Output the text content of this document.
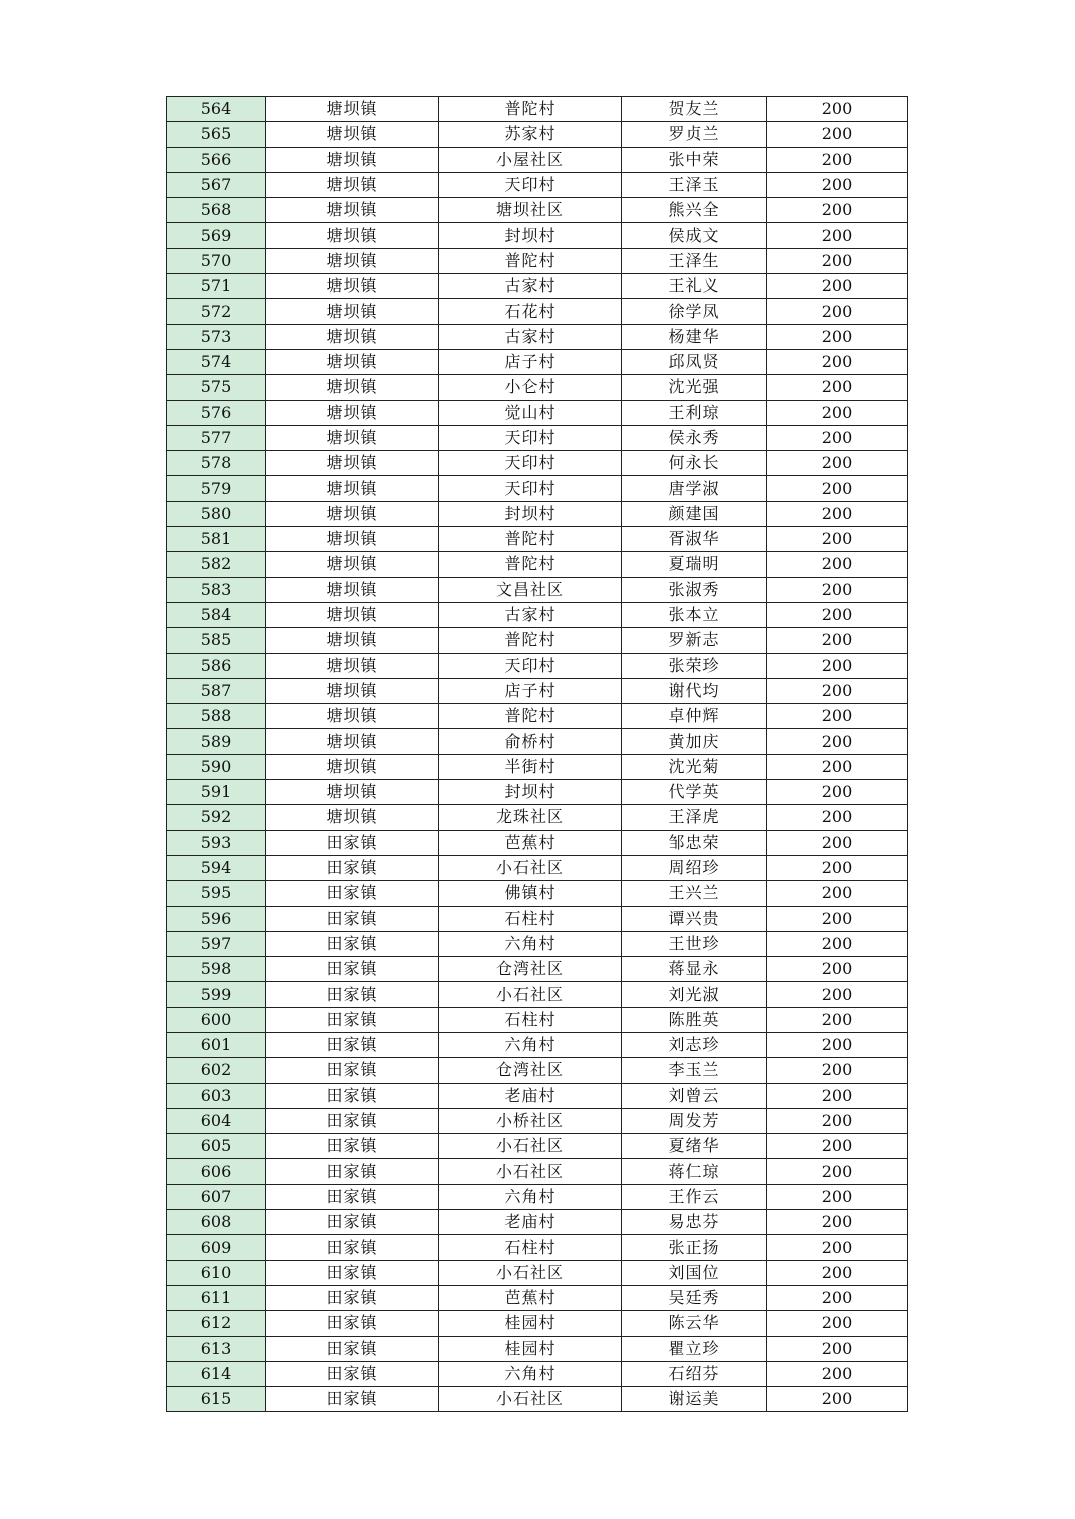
564	塘坝镇	普陀村	贺友兰	200
565	塘坝镇	苏家村	罗贞兰	200
566	塘坝镇	小屋社区	张中荣	200
567	塘坝镇	天印村	王泽玉	200
568	塘坝镇	塘坝社区	熊兴全	200
569	塘坝镇	封坝村	侯成文	200
570	塘坝镇	普陀村	王泽生	200
571	塘坝镇	古家村	王礼义	200
572	塘坝镇	石花村	徐学凤	200
573	塘坝镇	古家村	杨建华	200
574	塘坝镇	店子村	邱凤贤	200
575	塘坝镇	小仑村	沈光强	200
576	塘坝镇	觉山村	王利琼	200
577	塘坝镇	天印村	侯永秀	200
578	塘坝镇	天印村	何永长	200
579	塘坝镇	天印村	唐学淑	200
580	塘坝镇	封坝村	颜建国	200
581	塘坝镇	普陀村	胥淑华	200
582	塘坝镇	普陀村	夏瑞明	200
583	塘坝镇	文昌社区	张淑秀	200
584	塘坝镇	古家村	张本立	200
585	塘坝镇	普陀村	罗新志	200
586	塘坝镇	天印村	张荣珍	200
587	塘坝镇	店子村	谢代均	200
588	塘坝镇	普陀村	卓仲辉	200
589	塘坝镇	俞桥村	黄加庆	200
590	塘坝镇	半街村	沈光菊	200
591	塘坝镇	封坝村	代学英	200
592	塘坝镇	龙珠社区	王泽虎	200
593	田家镇	芭蕉村	邹忠荣	200
594	田家镇	小石社区	周绍珍	200
595	田家镇	佛镇村	王兴兰	200
596	田家镇	石柱村	谭兴贵	200
597	田家镇	六角村	王世珍	200
598	田家镇	仓湾社区	蒋显永	200
599	田家镇	小石社区	刘光淑	200
600	田家镇	石柱村	陈胜英	200
601	田家镇	六角村	刘志珍	200
602	田家镇	仓湾社区	李玉兰	200
603	田家镇	老庙村	刘曾云	200
604	田家镇	小桥社区	周发芳	200
605	田家镇	小石社区	夏绪华	200
606	田家镇	小石社区	蒋仁琼	200
607	田家镇	六角村	王作云	200
608	田家镇	老庙村	易忠芬	200
609	田家镇	石柱村	张正扬	200
610	田家镇	小石社区	刘国位	200
611	田家镇	芭蕉村	吴廷秀	200
612	田家镇	桂园村	陈云华	200
613	田家镇	桂园村	瞿立珍	200
614	田家镇	六角村	石绍芬	200
615	田家镇	小石社区	谢运美	200
